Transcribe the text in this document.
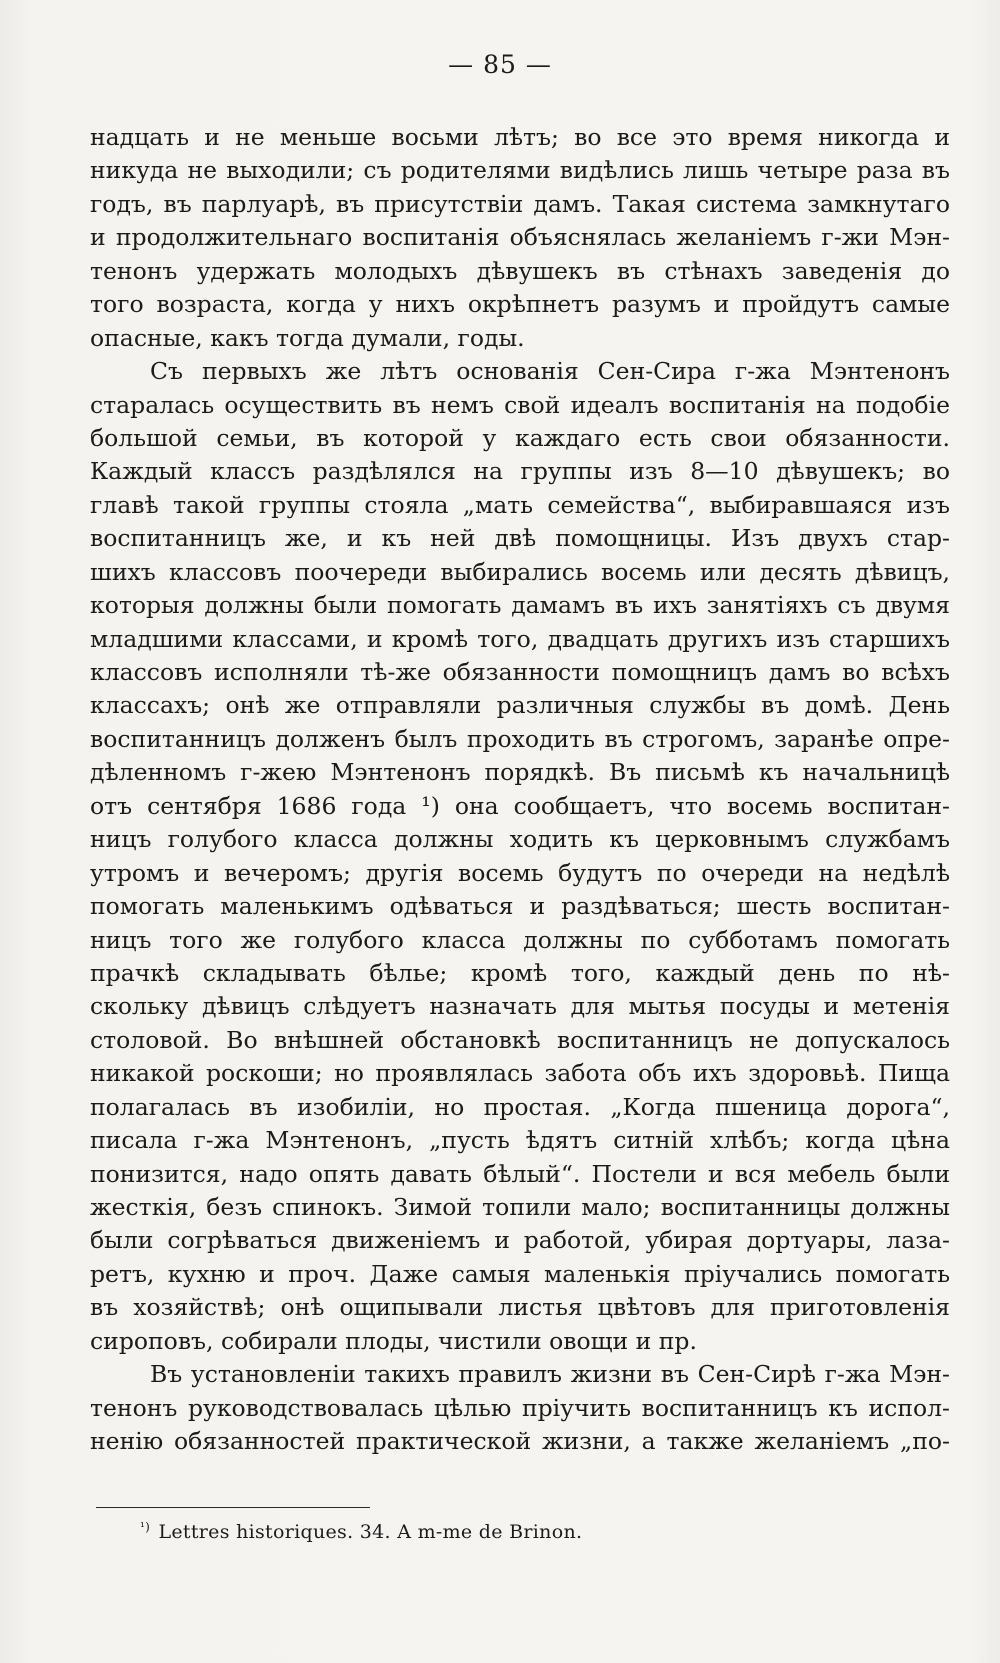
— 85 —
надцать и не меньше восьми лѣтъ; во все это время никогда и
никуда не выходили; съ родителями видѣлись лишь четыре раза въ
годъ, въ парлуарѣ, въ присутствіи дамъ. Такая система замкнутаго
и продолжительнаго воспитанія объяснялась желаніемъ г-жи Мэн-
тенонъ удержать молодыхъ дѣвушекъ въ стѣнахъ заведенія до
того возраста, когда у нихъ окрѣпнетъ разумъ и пройдутъ самые
опасные, какъ тогда думали, годы.
Съ первыхъ же лѣтъ основанія Сен-Сира г-жа Мэнтенонъ
старалась осуществить въ немъ свой идеалъ воспитанія на подобіе
большой семьи, въ которой у каждаго есть свои обязанности.
Каждый классъ раздѣлялся на группы изъ 8—10 дѣвушекъ; во
главѣ такой группы стояла „мать семейства“, выбиравшаяся изъ
воспитанницъ же, и къ ней двѣ помощницы. Изъ двухъ стар-
шихъ классовъ поочереди выбирались восемь или десять дѣвицъ,
которыя должны были помогать дамамъ въ ихъ занятіяхъ съ двумя
младшими классами, и кромѣ того, двадцать другихъ изъ старшихъ
классовъ исполняли тѣ-же обязанности помощницъ дамъ во всѣхъ
классахъ; онѣ же отправляли различныя службы въ домѣ. День
воспитанницъ долженъ былъ проходить въ строгомъ, заранѣе опре-
дѣленномъ г-жею Мэнтенонъ порядкѣ. Въ письмѣ къ начальницѣ
отъ сентября 1686 года ¹) она сообщаетъ, что восемь воспитан-
ницъ голубого класса должны ходить къ церковнымъ службамъ
утромъ и вечеромъ; другія восемь будутъ по очереди на недѣлѣ
помогать маленькимъ одѣваться и раздѣваться; шесть воспитан-
ницъ того же голубого класса должны по субботамъ помогать
прачкѣ складывать бѣлье; кромѣ того, каждый день по нѣ-
скольку дѣвицъ слѣдуетъ назначать для мытья посуды и метенія
столовой. Во внѣшней обстановкѣ воспитанницъ не допускалось
никакой роскоши; но проявлялась забота объ ихъ здоровьѣ. Пища
полагалась въ изобиліи, но простая. „Когда пшеница дорога“,
писала г-жа Мэнтенонъ, „пусть ѣдятъ ситній хлѣбъ; когда цѣна
понизится, надо опять давать бѣлый“. Постели и вся мебель были
жесткія, безъ спинокъ. Зимой топили мало; воспитанницы должны
были согрѣваться движеніемъ и работой, убирая дортуары, лаза-
ретъ, кухню и проч. Даже самыя маленькія пріучались помогать
въ хозяйствѣ; онѣ ощипывали листья цвѣтовъ для приготовленія
сироповъ, собирали плоды, чистили овощи и пр.
Въ установленіи такихъ правилъ жизни въ Сен-Сирѣ г-жа Мэн-
тенонъ руководствовалась цѣлью пріучить воспитанницъ къ испол-
ненію обязанностей практической жизни, а также желаніемъ „по-
$^{^1)}$ Lettres historiques. 34. A m-me de Brinon.
